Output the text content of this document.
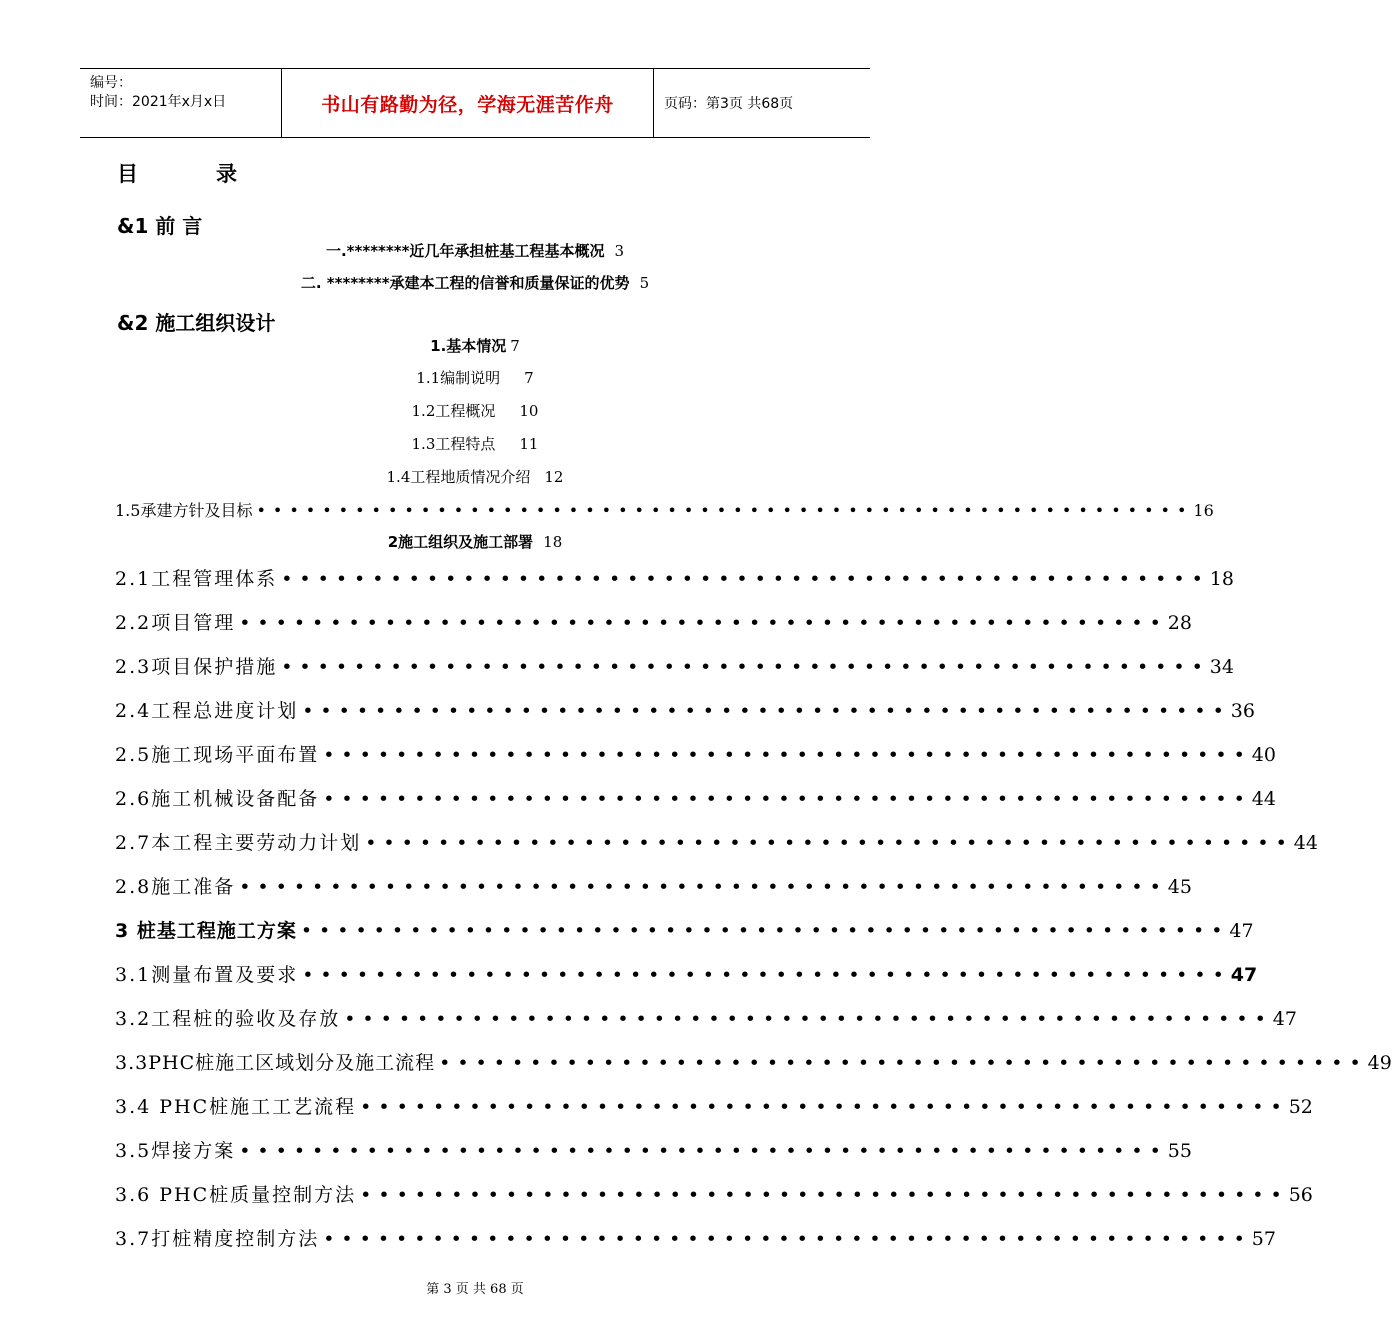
编号：
时间：2021年x月x日	书山有路勤为径，学海无涯苦作舟	页码：第3页 共68页
目	录
&1 前 言
一.********近几年承担桩基工程基本概况 3
二. ********承建本工程的信誉和质量保证的优势 5
&2 施工组织设计
1.基本情况 7
1.1编制说明 7
1.2工程概况 10
1.3工程特点 11
1.4工程地质情况介绍 12
1.5承建方针及目标 ••••••••••••••••••••••••••••••••••••••••••••••••••••••••• 16
2施工组织及施工部署 18
2.1工程管理体系 ••••••••••••••••••••••••••••••••••••••••••••••••••• 18
2.2项目管理 ••••••••••••••••••••••••••••••••••••••••••••••••••• 28
2.3项目保护措施 ••••••••••••••••••••••••••••••••••••••••••••••••••• 34
2.4工程总进度计划 ••••••••••••••••••••••••••••••••••••••••••••••••••• 36
2.5施工现场平面布置 ••••••••••••••••••••••••••••••••••••••••••••••••••• 40
2.6施工机械设备配备 ••••••••••••••••••••••••••••••••••••••••••••••••••• 44
2.7本工程主要劳动力计划 ••••••••••••••••••••••••••••••••••••••••••••••••••• 44
2.8施工准备 ••••••••••••••••••••••••••••••••••••••••••••••••••• 45
3 桩基工程施工方案 ••••••••••••••••••••••••••••••••••••••••••••••••••• 47
3.1测量布置及要求 ••••••••••••••••••••••••••••••••••••••••••••••••••• 47
3.2工程桩的验收及存放 ••••••••••••••••••••••••••••••••••••••••••••••••••• 47
3.3PHC桩施工区域划分及施工流程 ••••••••••••••••••••••••••••••••••••••••••••••••••• 49
3.4 PHC桩施工工艺流程 ••••••••••••••••••••••••••••••••••••••••••••••••••• 52
3.5焊接方案 ••••••••••••••••••••••••••••••••••••••••••••••••••• 55
3.6 PHC桩质量控制方法 ••••••••••••••••••••••••••••••••••••••••••••••••••• 56
3.7打桩精度控制方法 ••••••••••••••••••••••••••••••••••••••••••••••••••• 57
第 3 页 共 68 页
